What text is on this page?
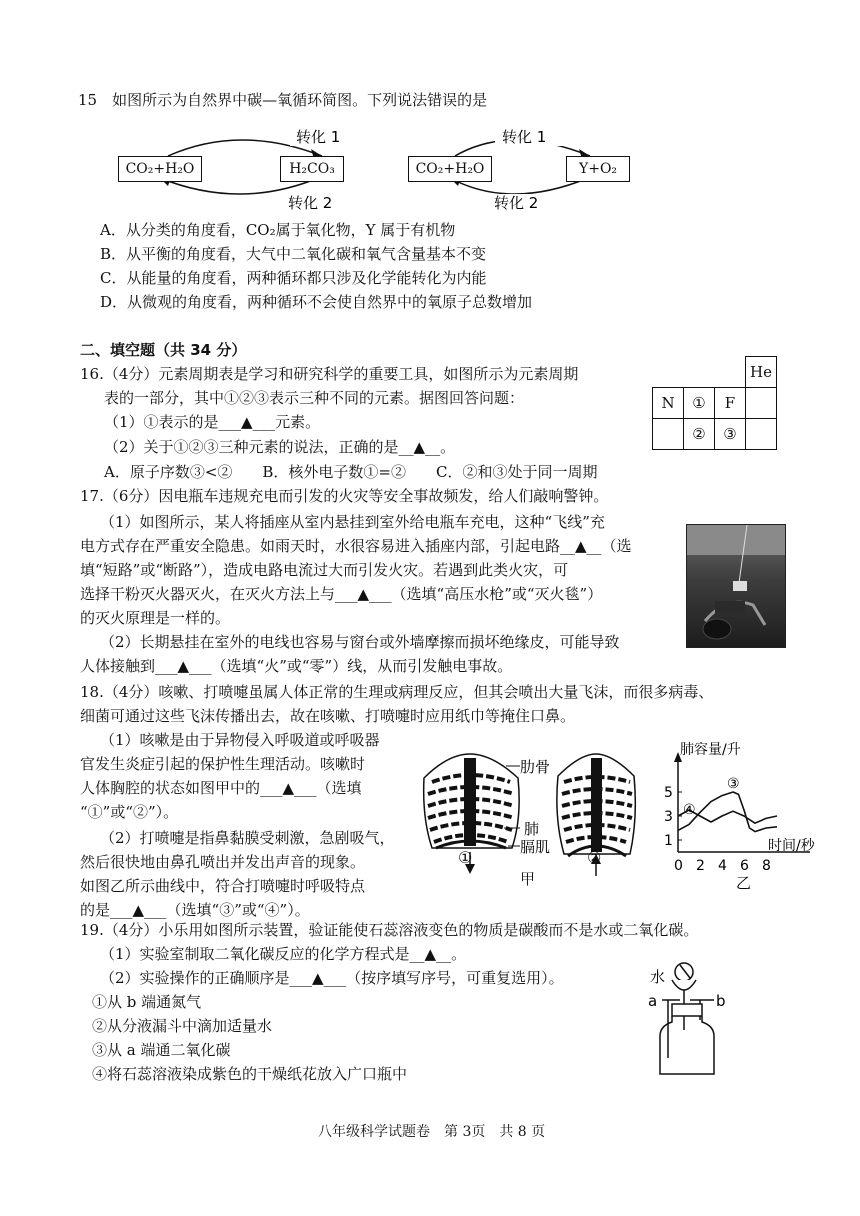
15　如图所示为自然界中碳—氧循环简图。下列说法错误的是
转化 1
转化 2
转化 1
转化 2
CO₂+H₂O	H₂CO₃	CO₂+H₂O	Y+O₂
A．从分类的角度看，CO₂属于氧化物，Y 属于有机物
B．从平衡的角度看，大气中二氧化碳和氧气含量基本不变
C．从能量的角度看，两种循环都只涉及化学能转化为内能
D．从微观的角度看，两种循环不会使自然界中的氧原子总数增加
二、填空题（共 34 分）
16.（4分）元素周期表是学习和研究科学的重要工具，如图所示为元素周期
表的一部分，其中①②③表示三种不同的元素。据图回答问题：
（1）①表示的是___▲___元素。
（2）关于①②③三种元素的说法，正确的是__▲__。
A．原子序数③<②　　B．核外电子数①=②　　C．②和③处于同一周期
			He
N	①	F	
	②	③	
17.（6分）因电瓶车违规充电而引发的火灾等安全事故频发，给人们敲响警钟。
（1）如图所示，某人将插座从室内悬挂到室外给电瓶车充电，这种“飞线”充
电方式存在严重安全隐患。如雨天时，水很容易进入插座内部，引起电路__▲__（选
填“短路”或“断路”），造成电路电流过大而引发火灾。若遇到此类火灾，可
选择干粉灭火器灭火，在灭火方法上与___▲___（选填“高压水枪”或“灭火毯”）
的灭火原理是一样的。
（2）长期悬挂在室外的电线也容易与窗台或外墙摩擦而损坏绝缘皮，可能导致
人体接触到___▲___（选填“火”或“零”）线，从而引发触电事故。
18.（4分）咳嗽、打喷嚏虽属人体正常的生理或病理反应，但其会喷出大量飞沫，而很多病毒、
细菌可通过这些飞沫传播出去，故在咳嗽、打喷嚏时应用纸巾等掩住口鼻。
（1）咳嗽是由于异物侵入呼吸道或呼吸器
官发生炎症引起的保护性生理活动。咳嗽时
人体胸腔的状态如图甲中的___▲___（选填
“①”或“②”）。
（2）打喷嚏是指鼻黏膜受刺激，急剧吸气，
然后很快地由鼻孔喷出并发出声音的现象。
如图乙所示曲线中，符合打喷嚏时呼吸特点
的是___▲___（选填“③”或“④”）。
肋骨
肺
膈肌
①	②
甲
肺容量/升
时间/秒
0 2 4 6 8
1
3
5
乙
③
④
19.（4分）小乐用如图所示装置，验证能使石蕊溶液变色的物质是碳酸而不是水或二氧化碳。
（1）实验室制取二氧化碳反应的化学方程式是__▲__。
（2）实验操作的正确顺序是___▲___（按序填写序号，可重复选用）。
①从 b 端通氮气
②从分液漏斗中滴加适量水
③从 a 端通二氧化碳
④将石蕊溶液染成紫色的干燥纸花放入广口瓶中
水
a	b
八年级科学试题卷　第 3页　共 8 页
